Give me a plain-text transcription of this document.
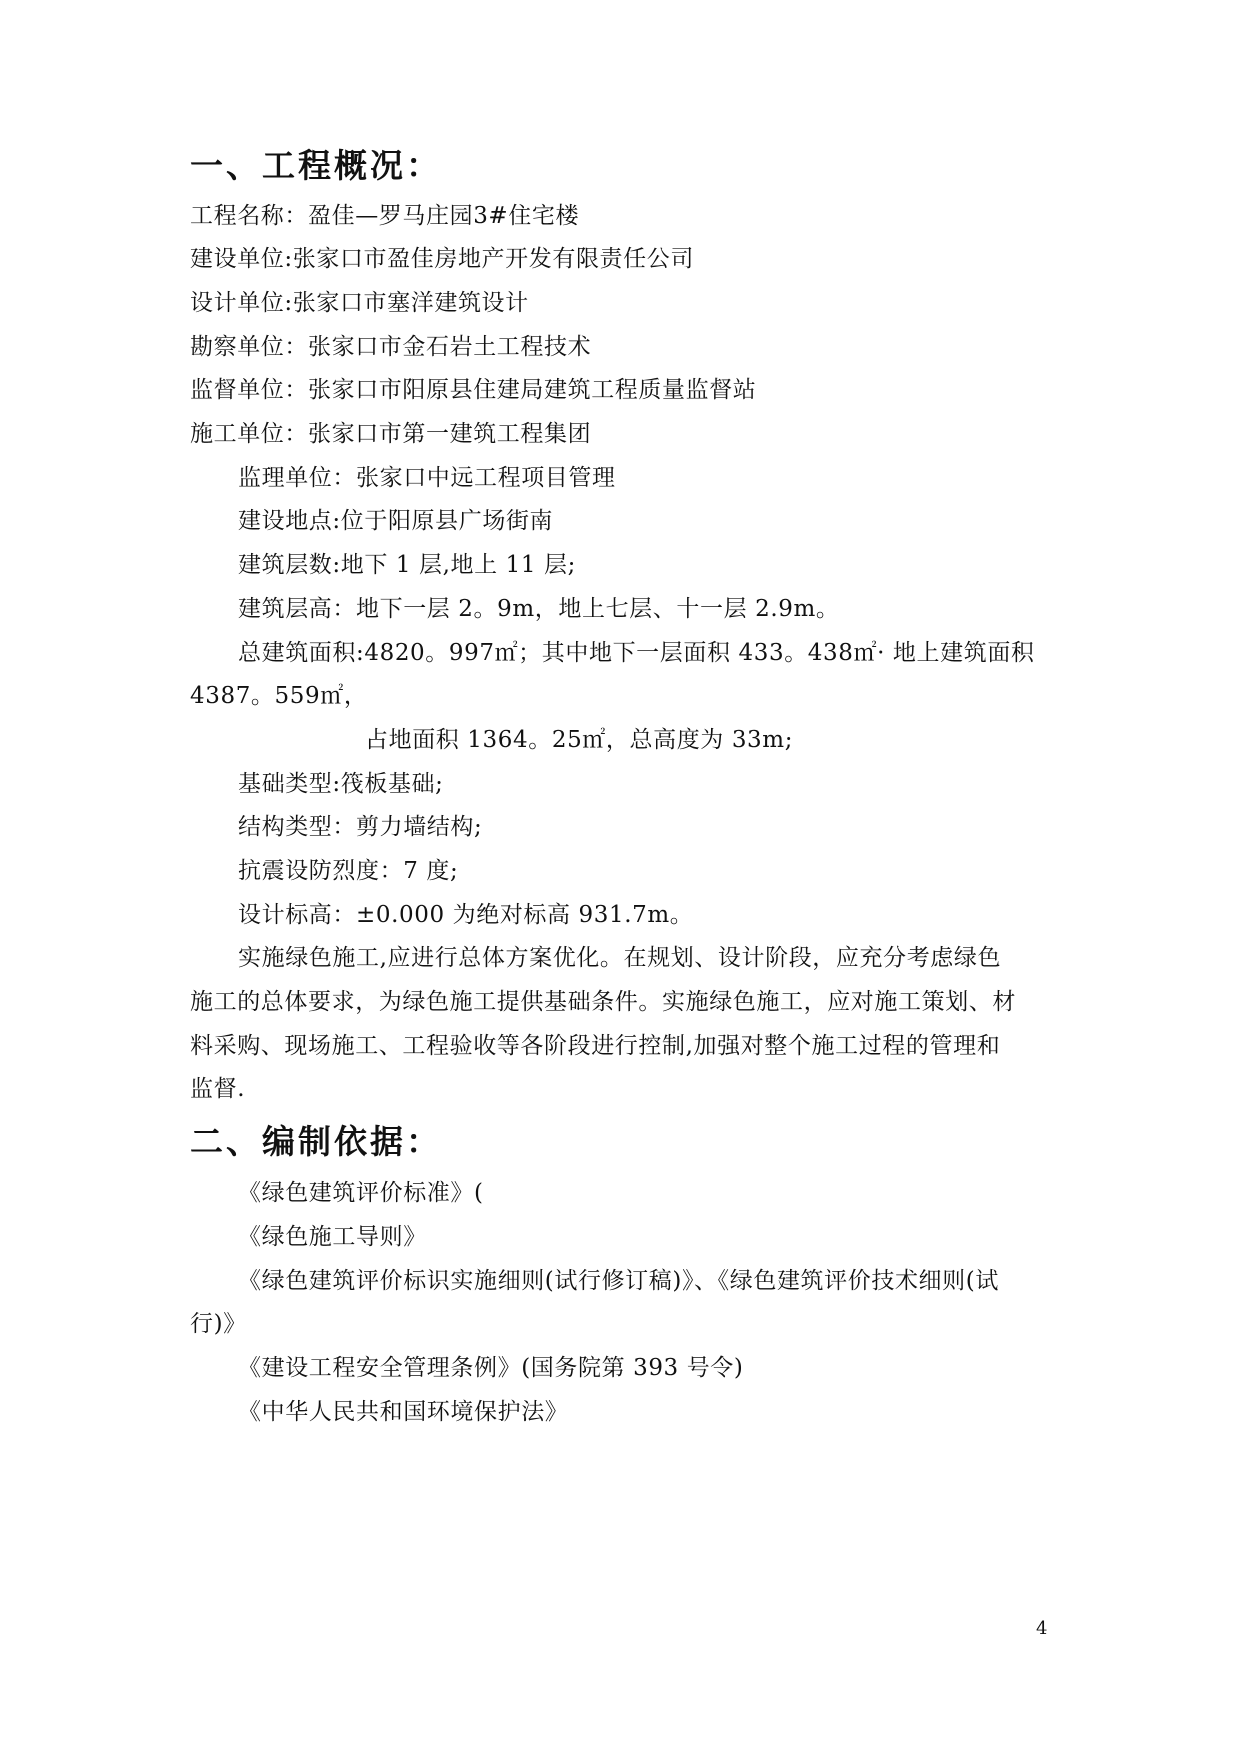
一、工程概况：
工程名称：盈佳—罗马庄园3#住宅楼
建设单位:张家口市盈佳房地产开发有限责任公司
设计单位:张家口市塞洋建筑设计
勘察单位：张家口市金石岩土工程技术
监督单位：张家口市阳原县住建局建筑工程质量监督站
施工单位：张家口市第一建筑工程集团
监理单位：张家口中远工程项目管理
建设地点:位于阳原县广场街南
建筑层数:地下 1 层,地上 11 层;
建筑层高：地下一层 2。9m，地上七层、十一层 2.9m。
总建筑面积:4820。997㎡；其中地下一层面积 433。438㎡· 地上建筑面积
4387。559㎡，
占地面积 1364。25㎡，总高度为 33m;
基础类型:筏板基础;
结构类型：剪力墙结构;
抗震设防烈度：7 度;
设计标高：±0.000 为绝对标高 931.7m。
实施绿色施工,应进行总体方案优化。在规划、设计阶段，应充分考虑绿色
施工的总体要求，为绿色施工提供基础条件。实施绿色施工，应对施工策划、材
料采购、现场施工、工程验收等各阶段进行控制,加强对整个施工过程的管理和
监督.
二、编制依据：
《绿色建筑评价标准》(
《绿色施工导则》
《绿色建筑评价标识实施细则(试行修订稿)》、《绿色建筑评价技术细则(试
行)》
《建设工程安全管理条例》(国务院第 393 号令)
《中华人民共和国环境保护法》
4
